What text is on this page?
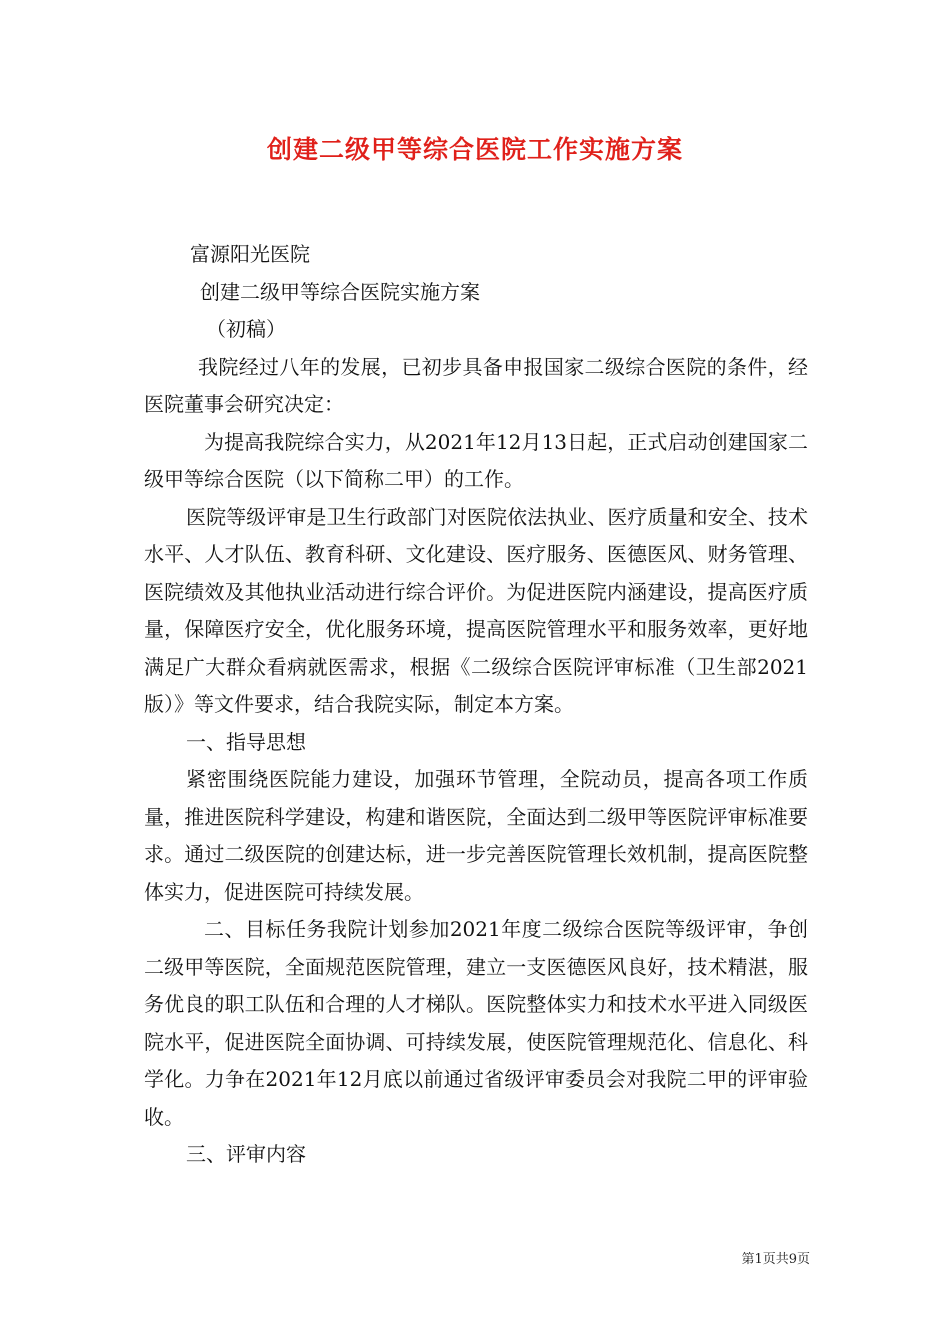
创建二级甲等综合医院工作实施方案

富源阳光医院

创建二级甲等综合医院实施方案

（初稿）

我院经过八年的发展，已初步具备申报国家二级综合医院的条件，经医院董事会研究决定：

为提高我院综合实力，从2021年12月13日起，正式启动创建国家二级甲等综合医院（以下简称二甲）的工作。

医院等级评审是卫生行政部门对医院依法执业、医疗质量和安全、技术水平、人才队伍、教育科研、文化建设、医疗服务、医德医风、财务管理、医院绩效及其他执业活动进行综合评价。为促进医院内涵建设，提高医疗质量，保障医疗安全，优化服务环境，提高医院管理水平和服务效率，更好地满足广大群众看病就医需求，根据《二级综合医院评审标准（卫生部2021版）》等文件要求，结合我院实际，制定本方案。

一、指导思想

紧密围绕医院能力建设，加强环节管理，全院动员，提高各项工作质量，推进医院科学建设，构建和谐医院，全面达到二级甲等医院评审标准要求。通过二级医院的创建达标，进一步完善医院管理长效机制，提高医院整体实力，促进医院可持续发展。

二、目标任务我院计划参加2021年度二级综合医院等级评审，争创二级甲等医院，全面规范医院管理，建立一支医德医风良好，技术精湛，服务优良的职工队伍和合理的人才梯队。医院整体实力和技术水平进入同级医院水平，促进医院全面协调、可持续发展，使医院管理规范化、信息化、科学化。力争在2021年12月底以前通过省级评审委员会对我院二甲的评审验收。

三、评审内容

第1页共9页
